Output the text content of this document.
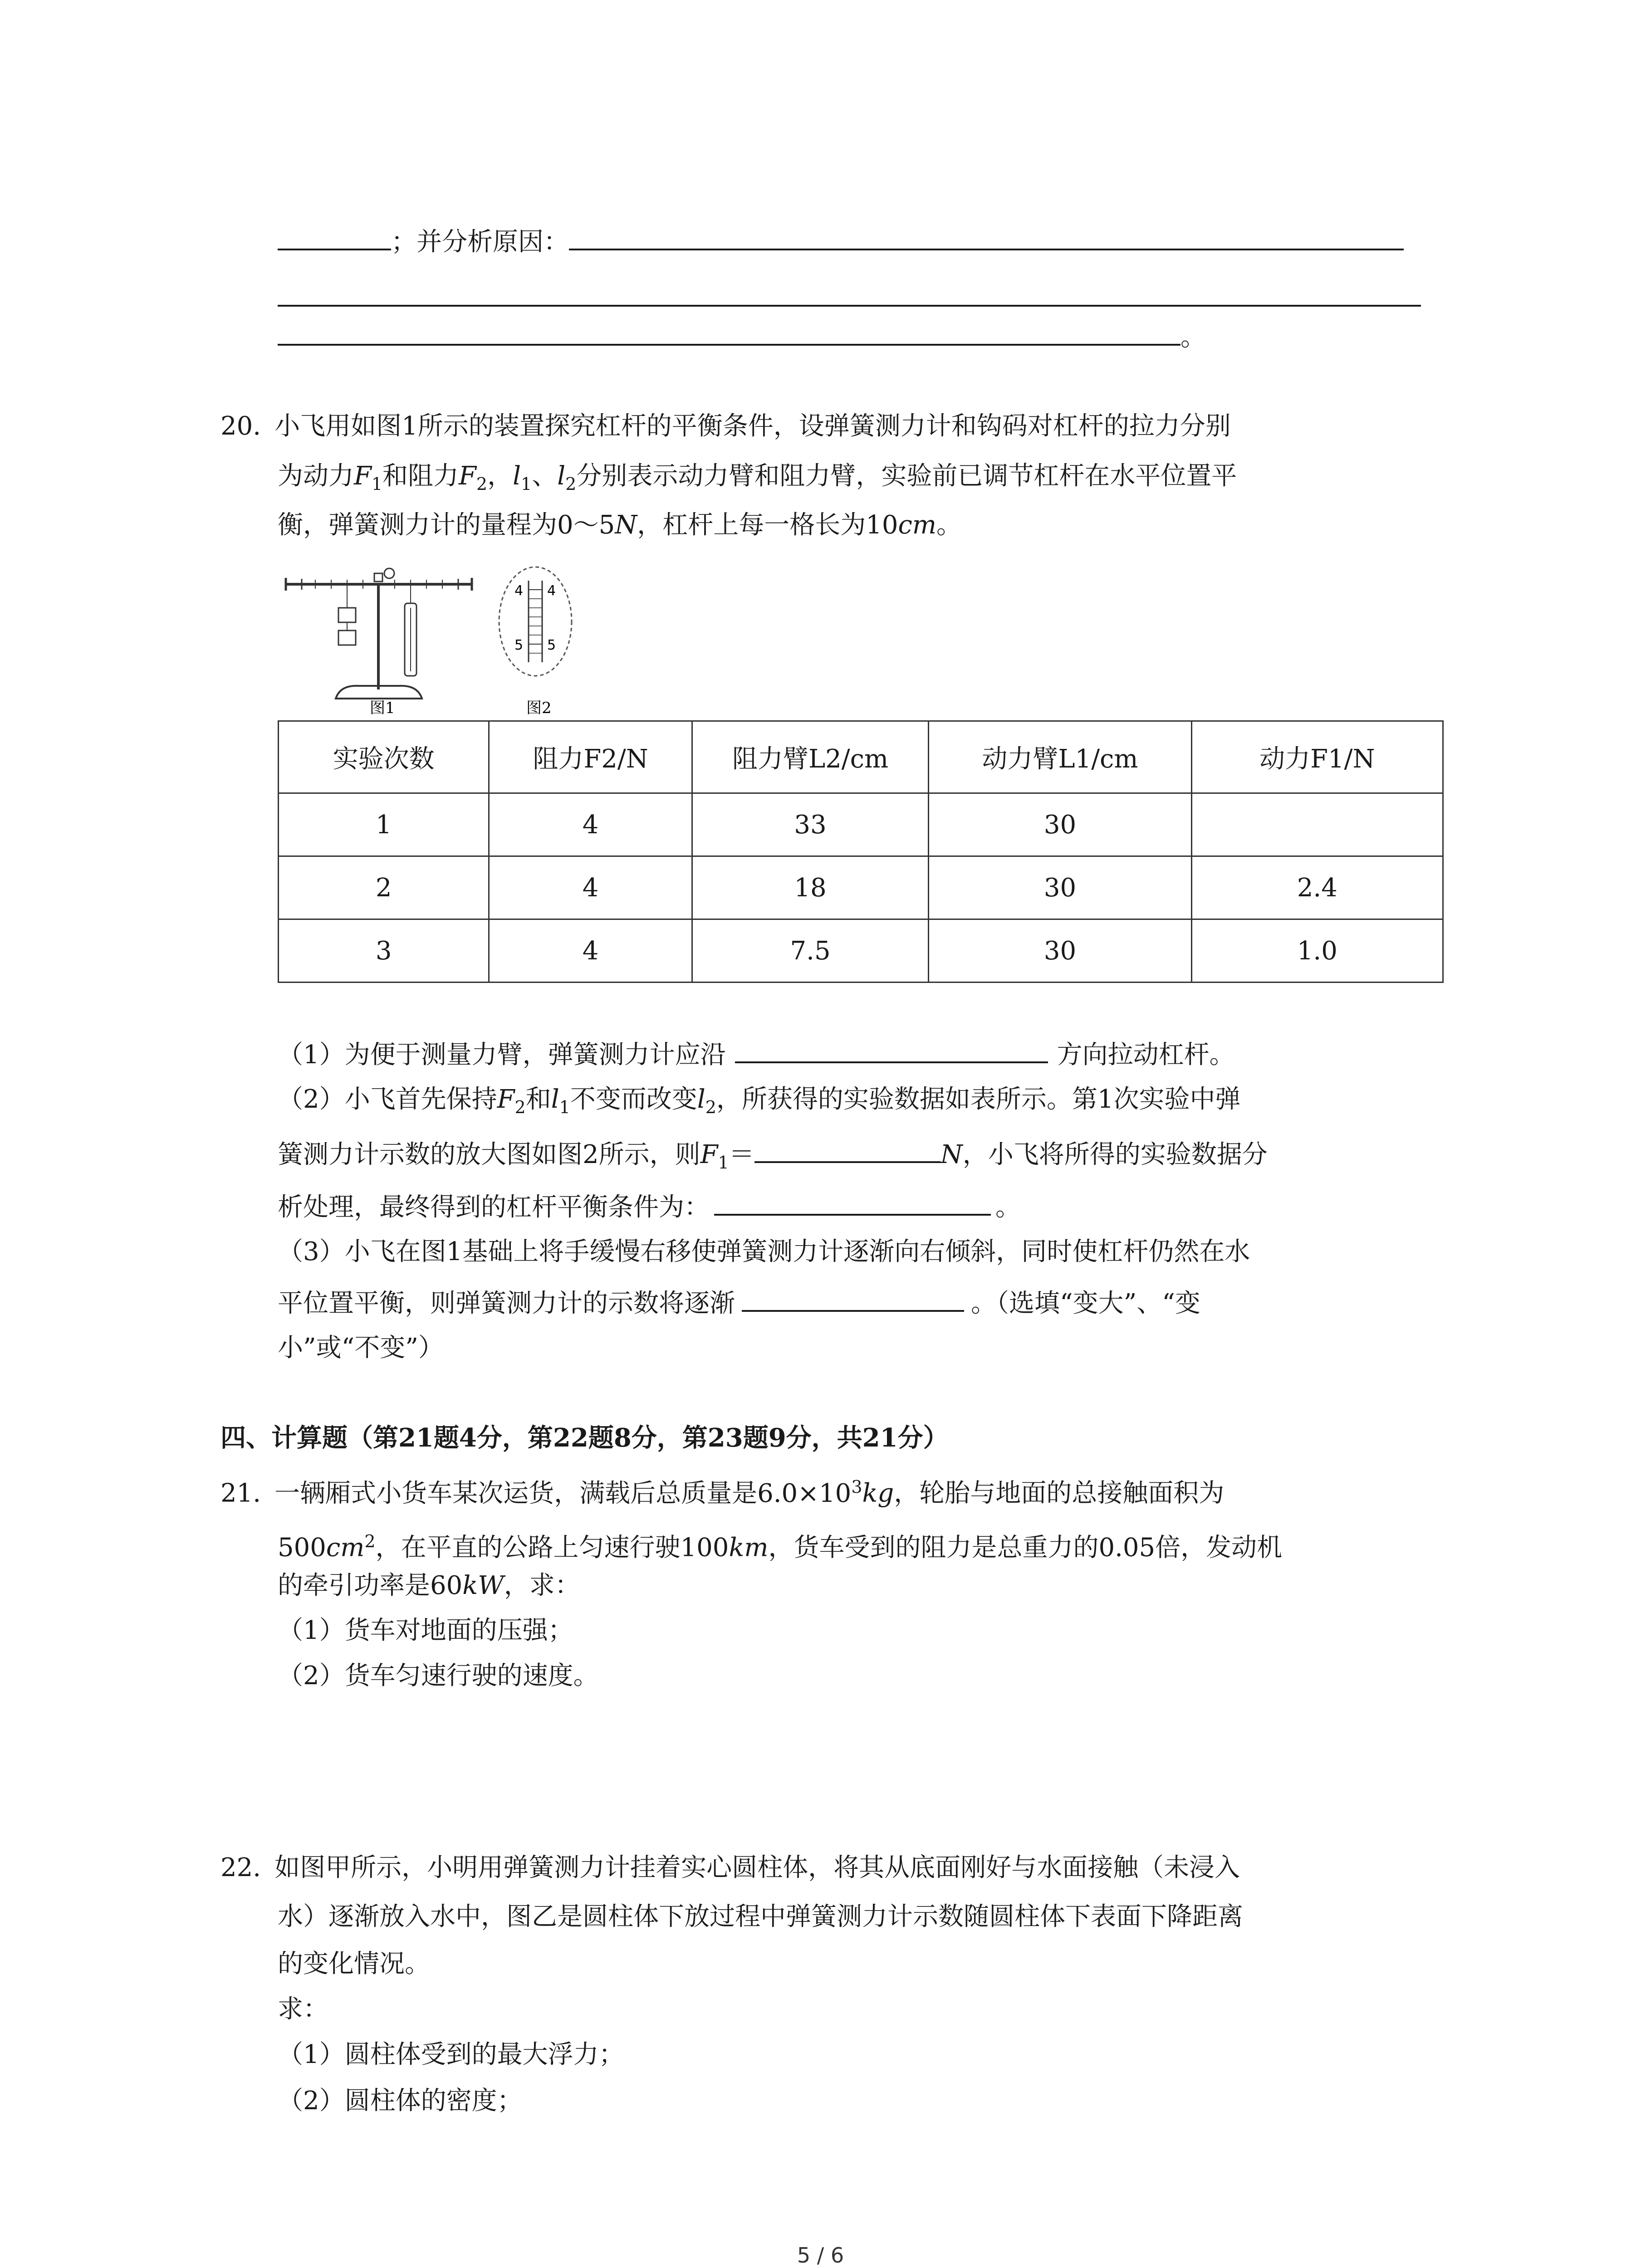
；并分析原因：
。
20. 小飞用如图1所示的装置探究杠杆的平衡条件，设弹簧测力计和钩码对杠杆的拉力分别
为动力$F_1$和阻力$F_2$，$l_1$、$l_2$分别表示动力臂和阻力臂，实验前已调节杠杆在水平位置平
衡，弹簧测力计的量程为0～5N，杠杆上每一格长为10cm。
4 4
5 5
图1	图2
实验次数	阻力F2/N	阻力臂L2/cm	动力臂L1/cm	动力F1/N
1	4	33	30	
2	4	18	30	2.4
3	4	7.5	30	1.0
（1）为便于测量力臂，弹簧测力计应沿	方向拉动杠杆。
（2）小飞首先保持$F_2$和$l_1$不变而改变$l_2$，所获得的实验数据如表所示。第1次实验中弹
簧测力计示数的放大图如图2所示，则$F_1=$	N，小飞将所得的实验数据分
析处理，最终得到的杠杆平衡条件为：	。
（3）小飞在图1基础上将手缓慢右移使弹簧测力计逐渐向右倾斜，同时使杠杆仍然在水
平位置平衡，则弹簧测力计的示数将逐渐	。（选填“变大”、“变
小”或“不变”）
四、计算题（第21题4分，第22题8分，第23题9分，共21分）
21. 一辆厢式小货车某次运货，满载后总质量是$6.0\times 10^3kg$，轮胎与地面的总接触面积为
$500cm^2$，在平直的公路上匀速行驶100km，货车受到的阻力是总重力的0.05倍，发动机
的牵引功率是60kW，求：
（1）货车对地面的压强；
（2）货车匀速行驶的速度。
22. 如图甲所示，小明用弹簧测力计挂着实心圆柱体，将其从底面刚好与水面接触（未浸入
水）逐渐放入水中，图乙是圆柱体下放过程中弹簧测力计示数随圆柱体下表面下降距离
的变化情况。
求：
（1）圆柱体受到的最大浮力；
（2）圆柱体的密度；
5 / 6
